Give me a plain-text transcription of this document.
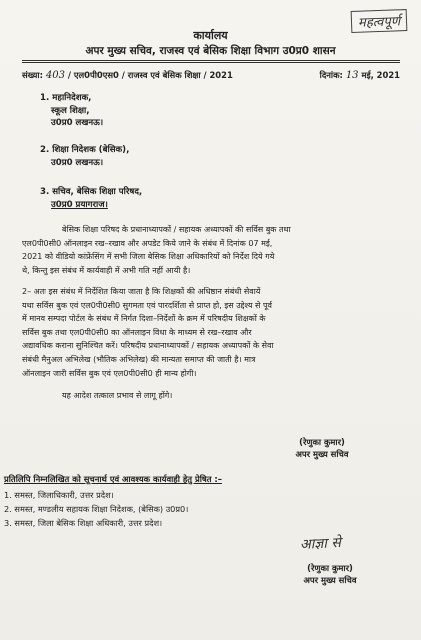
महत्वपूर्ण
कार्यालय
अपर मुख्य सचिव, राजस्व एवं बेसिक शिक्षा विभाग उ0प्र0 शासन
संख्या: 403 / एल0पी0एस0 / राजस्व एवं बेसिक शिक्षा / 2021	दिनांक: 13 मई, 2021
1. महानिदेशक,
स्कूल शिक्षा,
उ0प्र0 लखनऊ।
2. शिक्षा निदेशक (बेसिक),
उ0प्र0 लखनऊ।
3. सचिव, बेसिक शिक्षा परिषद,
उ0प्र0 प्रयागराज।
बेसिक शिक्षा परिषद के प्रधानाध्यापकों / सहायक अध्यापकों की सर्विस बुक तथा
एल0पी0सी0 ऑनलाइन रख–रखाव और अपडेट किये जाने के संबंध में दिनांक 07 मई,
2021 को वीडियो कांफ्रेंसिंग में सभी जिला बेसिक शिक्षा अधिकारियों को निर्देश दिये गये
थे, किन्तु इस संबंध में कार्यवाही में अभी गति नहीं आयी है।
2– अतः इस संबंध में निर्देशित किया जाता है कि शिक्षकों की अधिष्ठान संबंधी सेवायें
यथा सर्विस बुक एवं एल0पी0सी0 सुगमता एवं पारदर्शिता से प्राप्त हो, इस उद्देश्य से पूर्व
में मानव सम्पदा पोर्टल के संबंध में निर्गत दिशा–निर्देशों के क्रम में परिषदीय शिक्षकों के
सर्विस बुक तथा एल0पी0सी0 का ऑनलाइन विधा के माध्यम से रख–रखाव और
अद्यावधिक कराना सुनिश्चित करें। परिषदीय प्रधानाध्यापकों / सहायक अध्यापकों के सेवा
संबंधी मैनुअल अभिलेख (भौतिक अभिलेख) की मान्यता समाप्त की जाती है। मात्र
ऑनलाइन जारी सर्विस बुक एवं एल0पी0सी0 ही मान्य होगी।
यह आदेश तत्काल प्रभाव से लागू होंगे।
(रेणुका कुमार)
अपर मुख्य सचिव
प्रतिलिपि निम्नलिखित को सूचनार्थ एवं आवश्यक कार्यवाही हेतु प्रेषित :–
1. समस्त, जिलाधिकारी, उत्तर प्रदेश।
2. समस्त, मण्डलीय सहायक शिक्षा निदेशक, (बेसिक) उ0प्र0।
3. समस्त, जिला बेसिक शिक्षा अधिकारी, उत्तर प्रदेश।
आज्ञा से
(रेणुका कुमार)
अपर मुख्य सचिव
